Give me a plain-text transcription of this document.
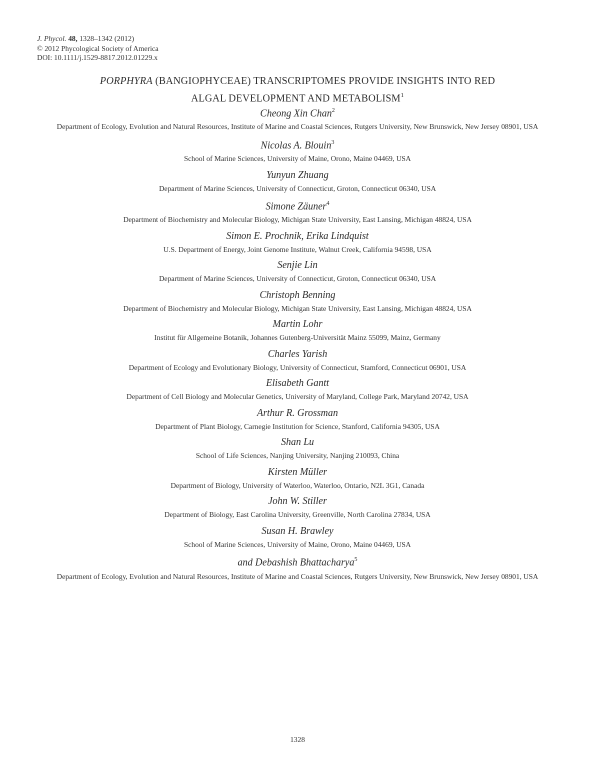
J. Phycol. 48, 1328–1342 (2012)
© 2012 Phycological Society of America
DOI: 10.1111/j.1529-8817.2012.01229.x
PORPHYRA (BANGIOPHYCEAE) TRANSCRIPTOMES PROVIDE INSIGHTS INTO RED
ALGAL DEVELOPMENT AND METABOLISM$^1$
Cheong Xin Chan$^2$
Department of Ecology, Evolution and Natural Resources, Institute of Marine and Coastal Sciences, Rutgers University, New Brunswick, New Jersey 08901, USA
Nicolas A. Blouin$^3$
School of Marine Sciences, University of Maine, Orono, Maine 04469, USA
Yunyun Zhuang
Department of Marine Sciences, University of Connecticut, Groton, Connecticut 06340, USA
Simone Zäuner$^4$
Department of Biochemistry and Molecular Biology, Michigan State University, East Lansing, Michigan 48824, USA
Simon E. Prochnik, Erika Lindquist
U.S. Department of Energy, Joint Genome Institute, Walnut Creek, California 94598, USA
Senjie Lin
Department of Marine Sciences, University of Connecticut, Groton, Connecticut 06340, USA
Christoph Benning
Department of Biochemistry and Molecular Biology, Michigan State University, East Lansing, Michigan 48824, USA
Martin Lohr
Institut für Allgemeine Botanik, Johannes Gutenberg-Universität Mainz 55099, Mainz, Germany
Charles Yarish
Department of Ecology and Evolutionary Biology, University of Connecticut, Stamford, Connecticut 06901, USA
Elisabeth Gantt
Department of Cell Biology and Molecular Genetics, University of Maryland, College Park, Maryland 20742, USA
Arthur R. Grossman
Department of Plant Biology, Carnegie Institution for Science, Stanford, California 94305, USA
Shan Lu
School of Life Sciences, Nanjing University, Nanjing 210093, China
Kirsten Müller
Department of Biology, University of Waterloo, Waterloo, Ontario, N2L 3G1, Canada
John W. Stiller
Department of Biology, East Carolina University, Greenville, North Carolina 27834, USA
Susan H. Brawley
School of Marine Sciences, University of Maine, Orono, Maine 04469, USA
and Debashish Bhattacharya$^5$
Department of Ecology, Evolution and Natural Resources, Institute of Marine and Coastal Sciences, Rutgers University, New Brunswick, New Jersey 08901, USA
1328
